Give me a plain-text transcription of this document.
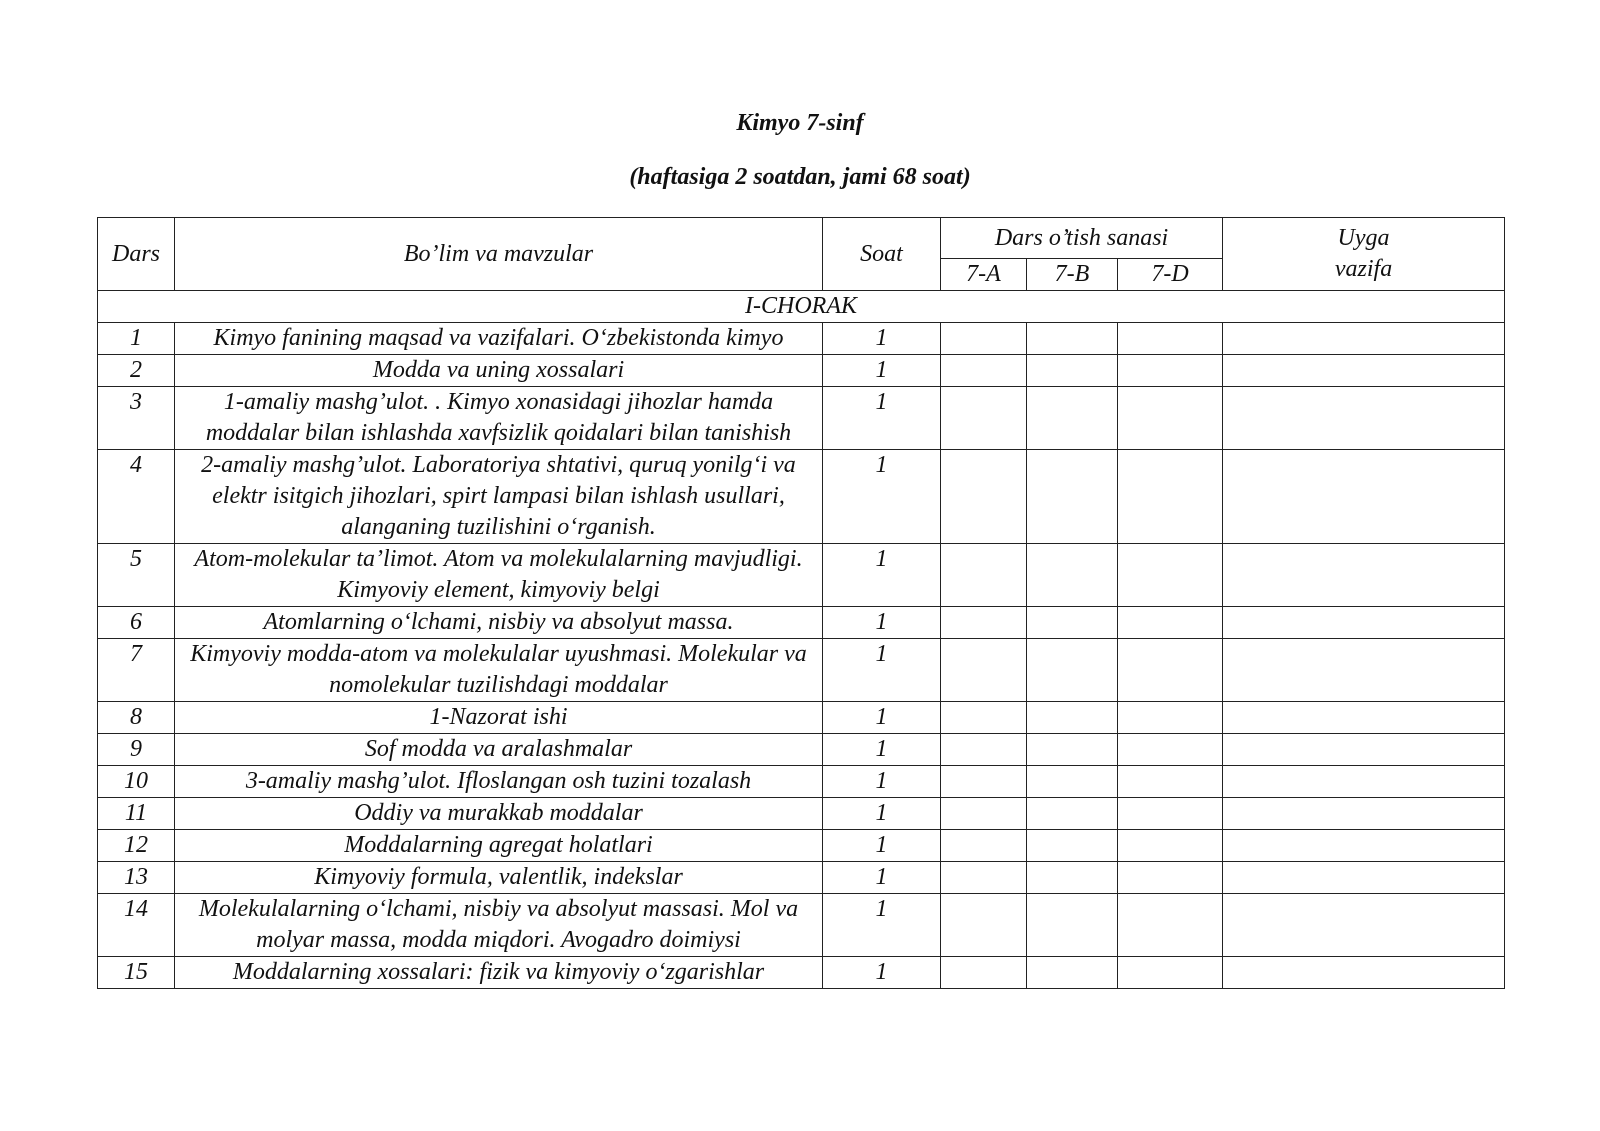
Kimyo 7-sinf
(haftasiga 2 soatdan, jami 68 soat)
Dars	Bo’lim va mavzular	Soat	Dars o’tish sanasi			Uyga vazifa
			7-A	7-B	7-D	
I-CHORAK						
1	Kimyo fanining maqsad va vazifalari. O‘zbekistonda kimyo	1				
2	Modda va uning xossalari	1				
3	1-amaliy mashg’ulot. . Kimyo xonasidagi jihozlar hamda moddalar bilan ishlashda xavfsizlik qoidalari bilan tanishish	1				
4	2-amaliy mashg’ulot. Laboratoriya shtativi, quruq yonilg‘i va elektr isitgich jihozlari, spirt lampasi bilan ishlash usullari, alanganing tuzilishini o‘rganish.	1				
5	Atom-molekular ta’limot. Atom va molekulalarning mavjudligi. Kimyoviy element, kimyoviy belgi	1				
6	Atomlarning o‘lchami, nisbiy va absolyut massa.	1				
7	Kimyoviy modda-atom va molekulalar uyushmasi. Molekular va nomolekular tuzilishdagi moddalar	1				
8	1-Nazorat ishi	1				
9	Sof modda va aralashmalar	1				
10	3-amaliy mashg’ulot. Ifloslangan osh tuzini tozalash	1				
11	Oddiy va murakkab moddalar	1				
12	Moddalarning agregat holatlari	1				
13	Kimyoviy formula, valentlik, indekslar	1				
14	Molekulalarning o‘lchami, nisbiy va absolyut massasi. Mol va molyar massa, modda miqdori. Avogadro doimiysi	1				
15	Moddalarning xossalari: fizik va kimyoviy o‘zgarishlar	1				
